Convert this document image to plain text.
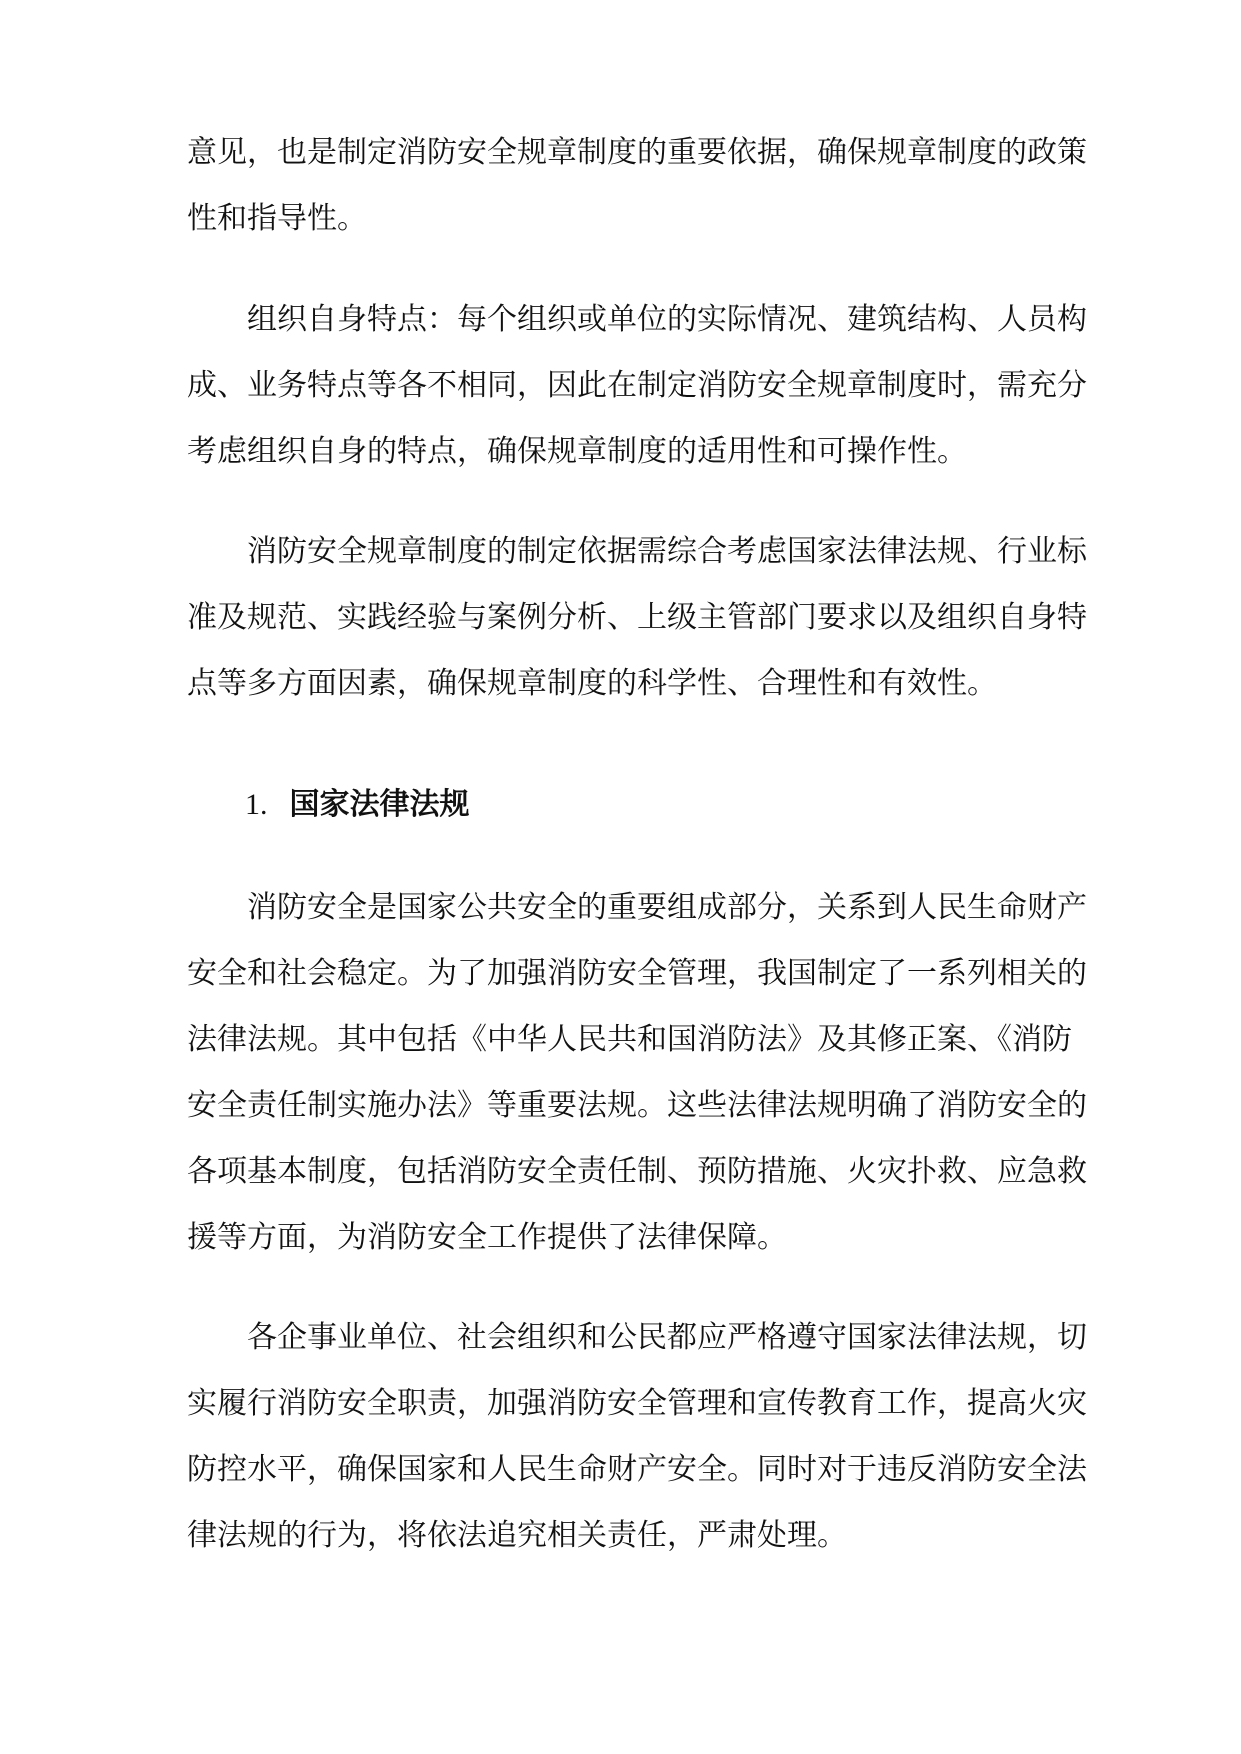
意见，也是制定消防安全规章制度的重要依据，确保规章制度的政策
性和指导性。
组织自身特点：每个组织或单位的实际情况、建筑结构、人员构
成、业务特点等各不相同，因此在制定消防安全规章制度时，需充分
考虑组织自身的特点，确保规章制度的适用性和可操作性。
消防安全规章制度的制定依据需综合考虑国家法律法规、行业标
准及规范、实践经验与案例分析、上级主管部门要求以及组织自身特
点等多方面因素，确保规章制度的科学性、合理性和有效性。
1. 国家法律法规
消防安全是国家公共安全的重要组成部分，关系到人民生命财产
安全和社会稳定。为了加强消防安全管理，我国制定了一系列相关的
法律法规。其中包括《中华人民共和国消防法》及其修正案、《消防
安全责任制实施办法》等重要法规。这些法律法规明确了消防安全的
各项基本制度，包括消防安全责任制、预防措施、火灾扑救、应急救
援等方面，为消防安全工作提供了法律保障。
各企事业单位、社会组织和公民都应严格遵守国家法律法规，切
实履行消防安全职责，加强消防安全管理和宣传教育工作，提高火灾
防控水平，确保国家和人民生命财产安全。同时对于违反消防安全法
律法规的行为，将依法追究相关责任，严肃处理。
